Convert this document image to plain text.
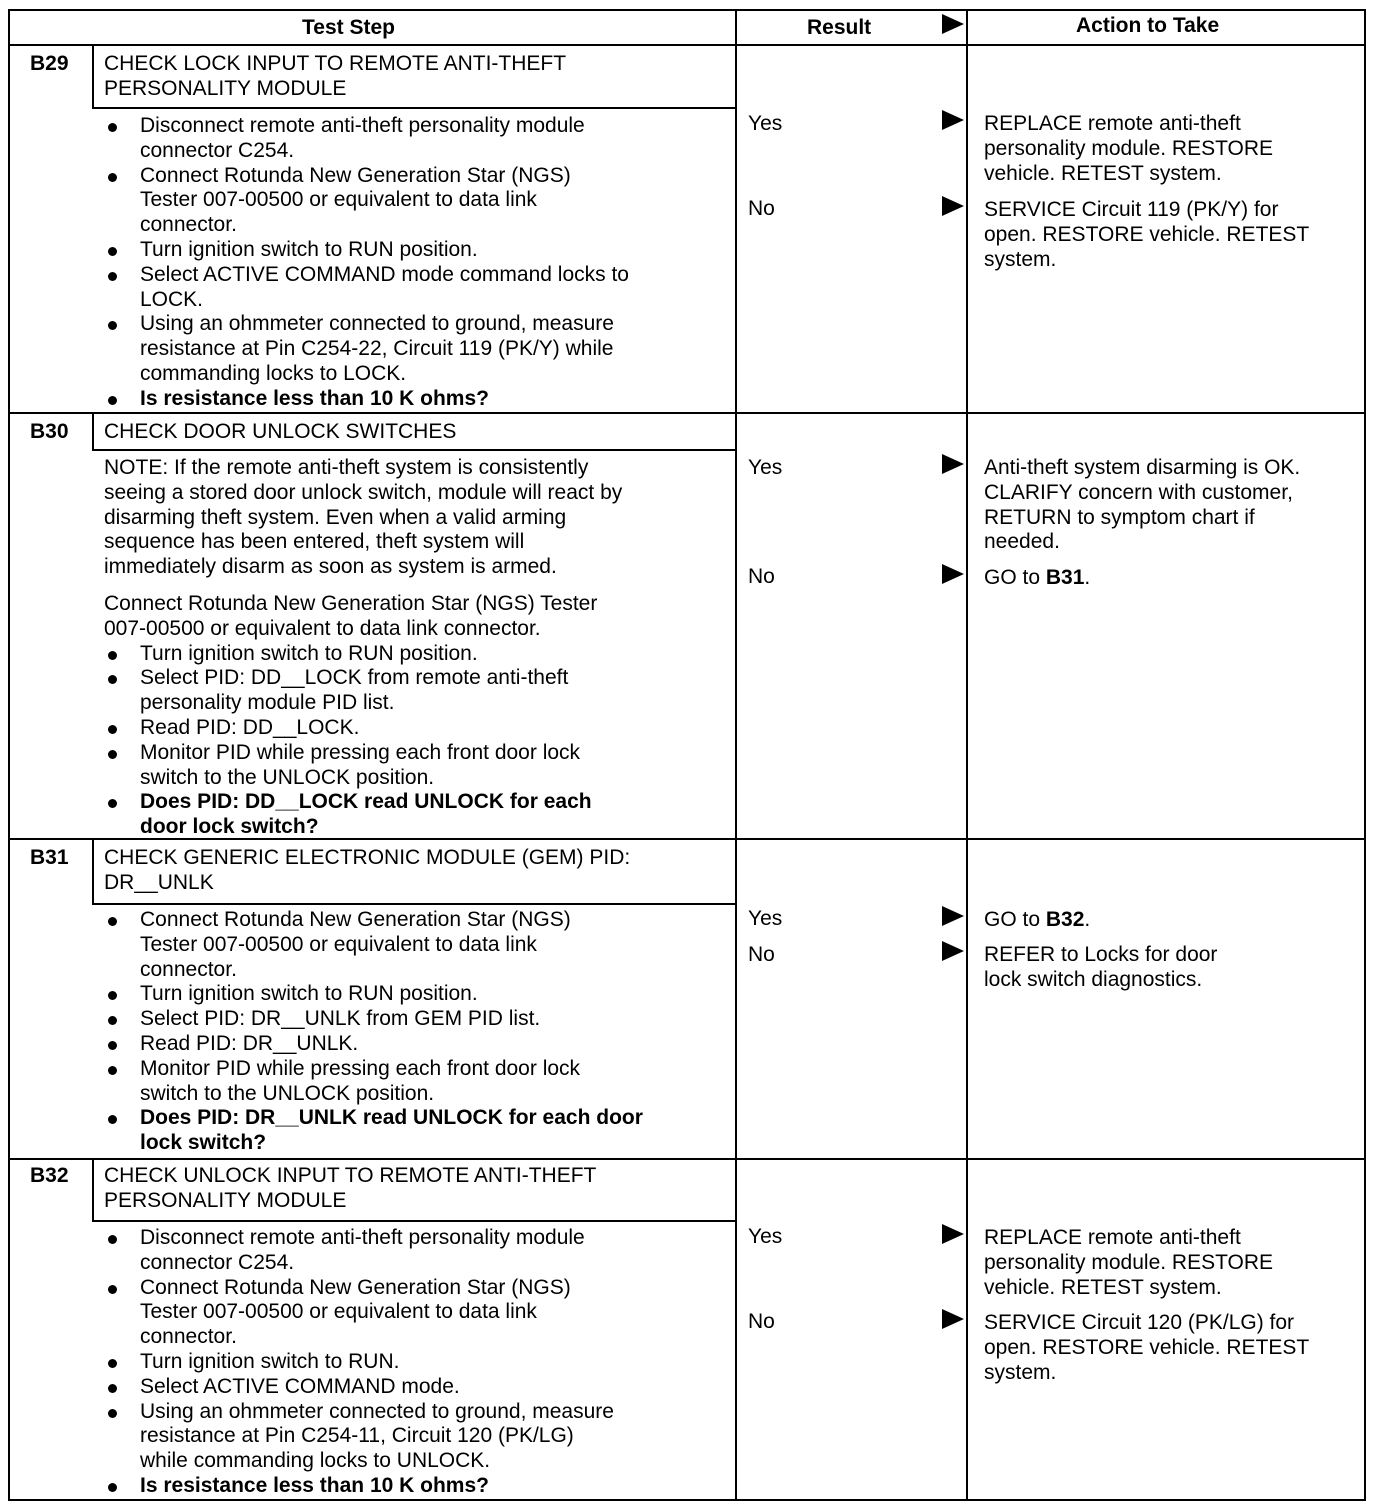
Test Step	Result	Action to Take
B29 CHECK LOCK INPUT TO REMOTE ANTI-THEFT
PERSONALITY MODULE
Disconnect remote anti-theft personality module
connector C254.
Connect Rotunda New Generation Star (NGS)
Tester 007-00500 or equivalent to data link
connector.
Turn ignition switch to RUN position.
Select ACTIVE COMMAND mode command locks to
LOCK.
Using an ohmmeter connected to ground, measure
resistance at Pin C254-22, Circuit 119 (PK/Y) while
commanding locks to LOCK.
Is resistance less than 10 K ohms?
Yes	REPLACE remote anti-theft
personality module. RESTORE
vehicle. RETEST system.
No	SERVICE Circuit 119 (PK/Y) for
open. RESTORE vehicle. RETEST
system.
B30 CHECK DOOR UNLOCK SWITCHES
NOTE: If the remote anti-theft system is consistently
seeing a stored door unlock switch, module will react by
disarming theft system. Even when a valid arming
sequence has been entered, theft system will
immediately disarm as soon as system is armed.
Connect Rotunda New Generation Star (NGS) Tester
007-00500 or equivalent to data link connector.
Turn ignition switch to RUN position.
Select PID: DD__LOCK from remote anti-theft
personality module PID list.
Read PID: DD__LOCK.
Monitor PID while pressing each front door lock
switch to the UNLOCK position.
Does PID: DD__LOCK read UNLOCK for each
door lock switch?
Yes	Anti-theft system disarming is OK.
CLARIFY concern with customer,
RETURN to symptom chart if
needed.
No	GO to B31.
B31 CHECK GENERIC ELECTRONIC MODULE (GEM) PID:
DR__UNLK
Connect Rotunda New Generation Star (NGS)
Tester 007-00500 or equivalent to data link
connector.
Turn ignition switch to RUN position.
Select PID: DR__UNLK from GEM PID list.
Read PID: DR__UNLK.
Monitor PID while pressing each front door lock
switch to the UNLOCK position.
Does PID: DR__UNLK read UNLOCK for each door
lock switch?
Yes	GO to B32.
No	REFER to Locks for door
lock switch diagnostics.
B32 CHECK UNLOCK INPUT TO REMOTE ANTI-THEFT
PERSONALITY MODULE
Disconnect remote anti-theft personality module
connector C254.
Connect Rotunda New Generation Star (NGS)
Tester 007-00500 or equivalent to data link
connector.
Turn ignition switch to RUN.
Select ACTIVE COMMAND mode.
Using an ohmmeter connected to ground, measure
resistance at Pin C254-11, Circuit 120 (PK/LG)
while commanding locks to UNLOCK.
Is resistance less than 10 K ohms?
Yes	REPLACE remote anti-theft
personality module. RESTORE
vehicle. RETEST system.
No	SERVICE Circuit 120 (PK/LG) for
open. RESTORE vehicle. RETEST
system.
